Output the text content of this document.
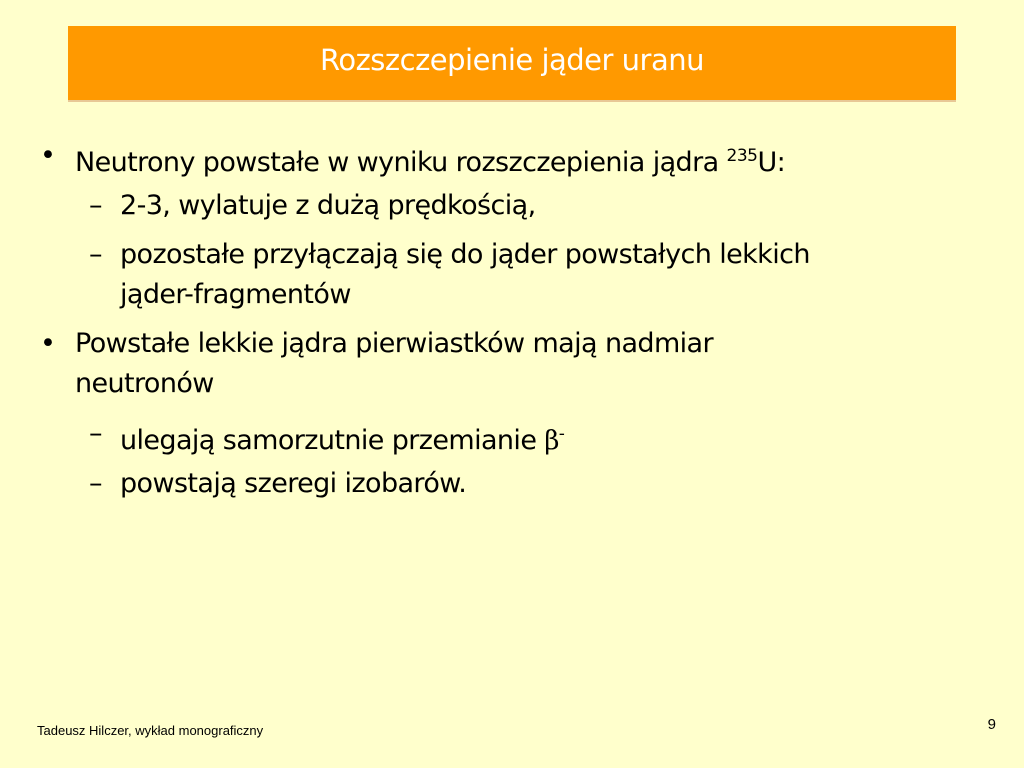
Rozszczepienie jąder uranu
• Neutrony powstałe w wyniku rozszczepienia jądra $^{235}$U:
– 2-3, wylatuje z dużą prędkością,
– pozostałe przyłączają się do jąder powstałych lekkich
jąder-fragmentów
• Powstałe lekkie jądra pierwiastków mają nadmiar
neutronów
– ulegają samorzutnie przemianie β-
– powstają szeregi izobarów.
Tadeusz Hilczer, wykład monograficzny	9
